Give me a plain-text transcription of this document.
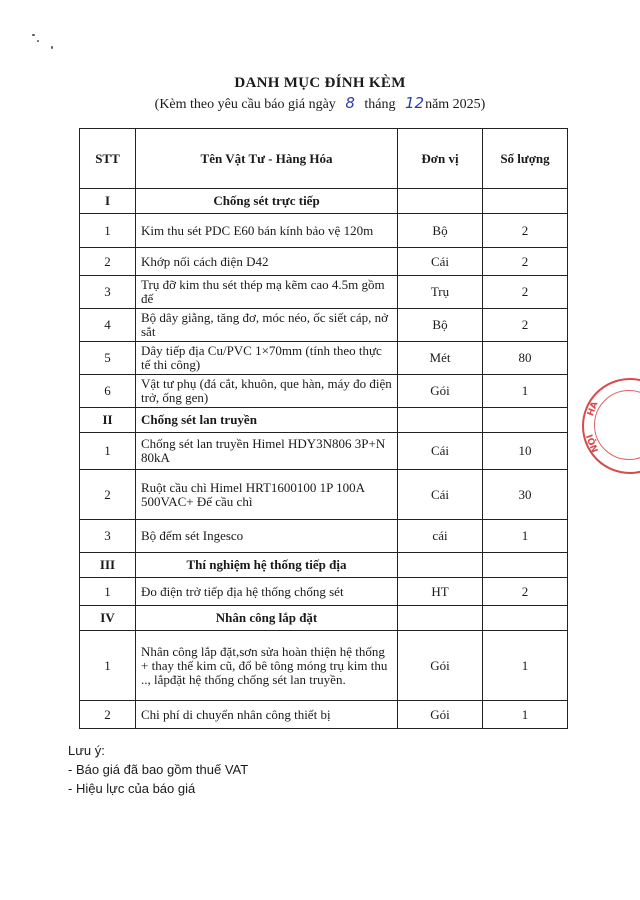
DANH MỤC ĐÍNH KÈM
(Kèm theo yêu cầu báo giá ngày 8 tháng 12năm 2025)
STT	Tên Vật Tư - Hàng Hóa	Đơn vị	Số lượng
I	Chống sét trực tiếp		
1	Kim thu sét PDC E60 bán kính bảo vệ 120m	Bộ	2
2	Khớp nối cách điện D42	Cái	2
3	Trụ đỡ kim thu sét thép mạ kẽm cao 4.5m gồm đế	Trụ	2
4	Bộ dây giằng, tăng đơ, móc néo, ốc siết cáp, nở sắt	Bộ	2
5	Dây tiếp địa Cu/PVC 1×70mm (tính theo thực tế thi công)	Mét	80
6	Vật tư phụ (đá cắt, khuôn, que hàn, máy đo điện trở, ống gen)	Gói	1
II	Chống sét lan truyền		
1	Chống sét lan truyền Himel HDY3N806 3P+N 80kA	Cái	10
2	Ruột cầu chì Himel HRT1600100 1P 100A 500VAC+ Đế cầu chì	Cái	30
3	Bộ đếm sét Ingesco	cái	1
III	Thí nghiệm hệ thống tiếp địa		
1	Đo điện trở tiếp địa hệ thống chống sét	HT	2
IV	Nhân công lắp đặt		
1	Nhân công lắp đặt,sơn sửa hoàn thiện hệ thống + thay thế kim cũ, đổ bê tông móng trụ kim thu .., lắpđặt hệ thống chống sét lan truyền.	Gói	1
2	Chi phí di chuyển nhân công thiết bị	Gói	1
Lưu ý:
- Báo giá đã bao gồm thuế VAT
- Hiệu lực của báo giá
HÀ
NỘI
